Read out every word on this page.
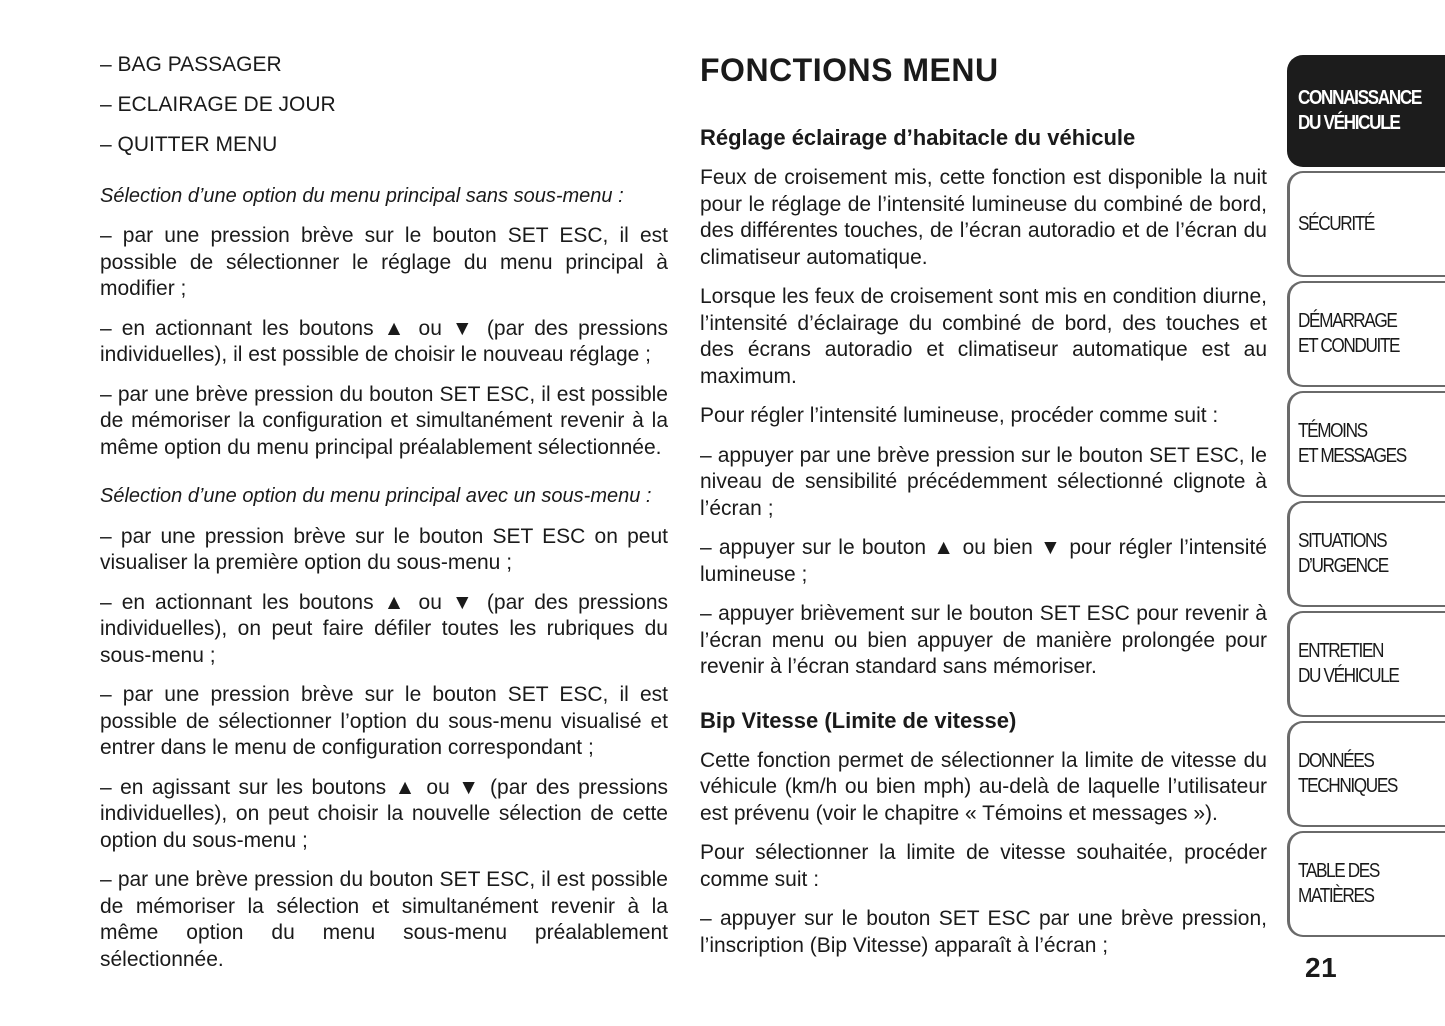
– BAG PASSAGER

– ECLAIRAGE DE JOUR

– QUITTER MENU

Sélection d’une option du menu principal sans sous-menu :

– par une pression brève sur le bouton SET ESC, il est possible de sélectionner le réglage du menu principal à modifier ;

– en actionnant les boutons ▲ ou ▼ (par des pressions individuelles), il est possible de choisir le nouveau réglage ;

– par une brève pression du bouton SET ESC, il est possible de mémoriser la configuration et simultanément revenir à la même option du menu principal préalablement sélectionnée.

Sélection d’une option du menu principal avec un sous-menu :

– par une pression brève sur le bouton SET ESC on peut visualiser la première option du sous-menu ;

– en actionnant les boutons ▲ ou ▼ (par des pressions individuelles), on peut faire défiler toutes les rubriques du sous-menu ;

– par une pression brève sur le bouton SET ESC, il est possible de sélectionner l’option du sous-menu visualisé et entrer dans le menu de configuration correspondant ;

– en agissant sur les boutons ▲ ou ▼ (par des pressions individuelles), on peut choisir la nouvelle sélection de cette option du sous-menu ;

– par une brève pression du bouton SET ESC, il est possible de mémoriser la sélection et simultanément revenir à la même option du menu sous-menu préalablement sélectionnée.

FONCTIONS MENU
Réglage éclairage d’habitacle du véhicule

Feux de croisement mis, cette fonction est disponible la nuit pour le réglage de l’intensité lumineuse du combiné de bord, des différentes touches, de l’écran autoradio et de l’écran du climatiseur automatique.

Lorsque les feux de croisement sont mis en condition diurne, l’intensité d’éclairage du combiné de bord, des touches et des écrans autoradio et climatiseur automatique est au maximum.

Pour régler l’intensité lumineuse, procéder comme suit :

– appuyer par une brève pression sur le bouton SET ESC, le niveau de sensibilité précédemment sélectionné clignote à l’écran ;

– appuyer sur le bouton ▲ ou bien ▼ pour régler l’intensité lumineuse ;

– appuyer brièvement sur le bouton SET ESC pour revenir à l’écran menu ou bien appuyer de manière prolongée pour revenir à l’écran standard sans mémoriser.

Bip Vitesse (Limite de vitesse)

Cette fonction permet de sélectionner la limite de vitesse du véhicule (km/h ou bien mph) au-delà de laquelle l’utilisateur est prévenu (voir le chapitre « Témoins et messages »).

Pour sélectionner la limite de vitesse souhaitée, procéder comme suit :

– appuyer sur le bouton SET ESC par une brève pression, l’inscription (Bip Vitesse) apparaît à l’écran ;

CONNAISSANCE
DU VÉHICULE
SÉCURITÉ
DÉMARRAGE
ET CONDUITE
TÉMOINS
ET MESSAGES
SITUATIONS
D’URGENCE
ENTRETIEN
DU VÉHICULE
DONNÉES
TECHNIQUES
TABLE DES
MATIÈRES
21
